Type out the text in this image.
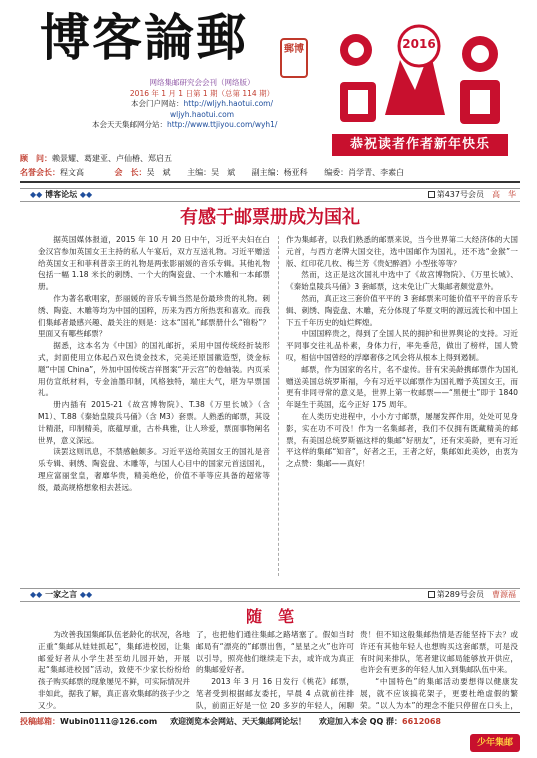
博客論郵	郵博
网络集邮研究会会刊（网络版）
2016 年 1 月 1 日第 1 期（总第 114 期）
本会门户网站：http://wljyh.haotui.com/
wljyh.haotui.com
本会天天集邮网分站：http://www.ttjiyou.com/wyh1/
2016
恭祝读者作者新年快乐
顾　问：赖景耀、葛建亚、卢仙椿、郑启五
名誉会长：程文高	会　长：吴　斌 主编：吴　斌 副主编：杨亚科 编委：肖学青、李素白
◆◆ 博客论坛 ◆◆	第437号会员　 高　华
有感于邮票册成为国礼

据英国媒体报道，2015 年 10 月 20 日中午，习近平夫妇在白金汉宫参加英国女王主持的私人午宴后，双方互送礼物。习近平赠送给英国女王和菲利普亲王的礼物是两张影丽媛的音乐专辑。其他礼物包括一幅 1.18 米长的刺绣、一个大的陶瓷盘、一个木雕和一本邮票册。

作为著名歌唱家，彭丽媛的音乐专辑当然是份最珍贵的礼物。刺绣、陶瓷、木雕等均为中国的国粹，历来为西方所热衷和喜欢。而我们集邮者最感兴趣、最关注的则是：这本“国礼”邮票册什么“锦粉”？里面又有哪些邮票？

据悉，这本名为《中国》的国礼邮折，采用中国传统经折装形式，封面使用立体起凸双色烫金技术，完美还原国徽造型，烫金标题“中国 China”，外加中国传统吉祥图案“开云宫”的卷轴装。内页采用仿宣纸材料，专金油墨印制，风格独特，端庄大气，堪为早票国礼。

册内插有 2015-21《故宫博物院》、T.38《万里长城》（含 M1）、T.88《秦始皇陵兵马俑》（含 M3）套票。人熟悉的邮票，其设计精湛，印制精美，底蕴厚重，古朴典雅，让人珍爱，票面事物阐名世界，意义深远。

读罢这则讯息，不禁感触颇多。习近平送给英国女王的国礼是音乐专辑、刺绣、陶瓷盘、木雕等，与国人心目中的国家元首送国礼，理应富丽堂皇，奢靡华贵，精美绝伦，价值不菲等应具备的超常等级，最高规格想象相去甚远。

作为集邮者，以我们熟悉的邮票来说，当今世界第二大经济体的大国元首，与西方老牌大国交往，选中国邮作为国礼，还不选“金猴”一版、红印花几枚、梅兰芳《贵妃醉酒》小型张等等？

然而，这正是这次国礼中选中了《故宫博物院》、《万里长城》、《秦始皇陵兵马俑》3 套邮票，这未免让广大集邮者颇觉意外。

然而，真正这三套价值平平的 3 套邮票来可能价值平平的音乐专辑、刺绣、陶瓷盘、木雕，充分体现了华夏文明的源远流长和中国上下五千年历史的灿烂辉煌。

中国国粹贵之，得到了全国人民的拥护和世界舆论的支持。习近平同事交往礼品朴素，身体力行，率先垂范，做出了榜样，国人赞叹，相信中国曾经的浮靡奢侈之风会将从根本上得到遏制。

邮票，作为国家的名片，名不虚传。昔有宋美龄携邮票作为国礼赠送美国总统罗斯福，今有习近平以邮票作为国礼赠予英国女王，而更有非同寻常的意义是，世界上第一枚邮票——“黑便士”即于 1840 年诞生于英国，迄今正好 175 周年。

在人类历史进程中，小小方寸邮票，屡屡发挥作用，处处可见身影，实在功不可没！作为一名集邮者，我们不仅拥有既藏精美的邮票，有美国总统罗斯福这样的集邮“好朋友”，还有宋美龄，更有习近平这样的集邮“知音”，好者之王，王者之好，集邮如此美妙，由衷为之点赞：集邮——真好！

◆◆ 一家之言 ◆◆	第289号会员　 曹源福
随　笔

为改善我国集邮队伍老龄化的状况，各地正重“集邮从娃娃抓起”，集邮进校园，让集邮爱好者从小学生甚至幼儿园开始，开展起“集邮进校园”活动，致使不少家长纷纷给孩子购买邮票的现象屡见不鲜，可实际情况并非如此，据我了解，真正喜欢集邮的孩子少之又少。

了，也把他们通往集邮之路堵塞了。假如当时邮局有“漂亮的”邮票出售，“星星之火”也许可以引导，照亮他们继续走下去，或许成为真正的集邮爱好者。

2013 年 3 月 16 日发行《桃花》邮票，笔者受到根据邮友委托，早晨 4 点就前往排队，前面正好是一位 20 多岁的年轻人，闲聊

贵！但不知这般集邮热情是否能坚持下去？或许还有其他年轻人也想购买这套邮票，可是没有时间来排队，笔者建议邮局能够放开供应，也许会有更多的年轻人加入到集邮队伍中来。

“中国特色”的集邮活动要想得以健康发展，就不应该搞花架子，更要杜绝虚假的繁荣。“以人为本”的理念不能只停留在口头上，

投稿邮箱：Wubin0111@126.com 欢迎浏览本会网站、天天集邮网论坛！ 欢迎加入本会 QQ 群：6612068
少年集邮
